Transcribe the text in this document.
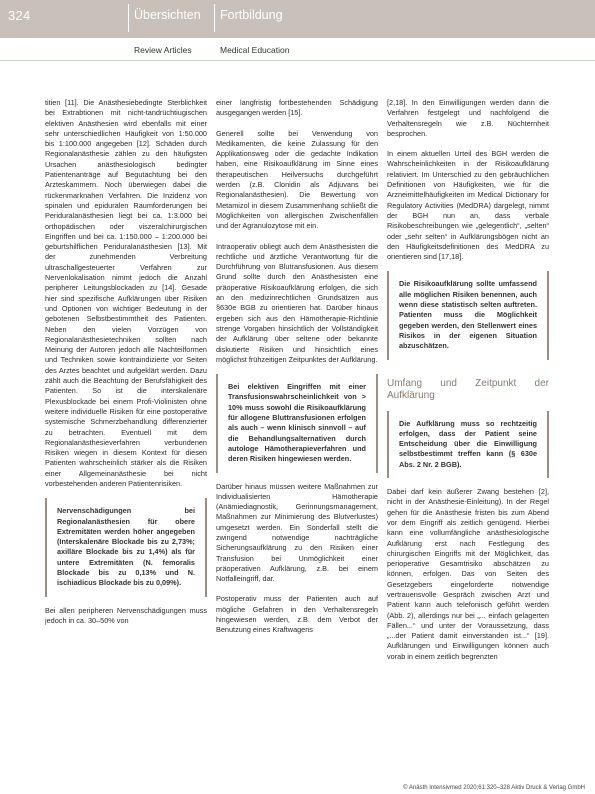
324	Übersichten Fortbildung
Review Articles	Medical Education

titien [11]. Die Anästhesiebedingte Sterblichkeit bei Extrabtionen mit nicht-tandrüchtiugischen elektiven Anästhesien wird ebenfalls mit einer sehr unterschiedlichen Häufigkeit von 1:50.000 bis 1:100.000 angegeben [12]. Schäden durch Regionalanästhesie zählen zu den häufigsten Ursachen anästhesiologisch bedingter Patientenanträge auf Begutachtung bei den Arzteskammern. Noch überwiegen dabei die rückenmarknahen Verfahren. Die Inzidenz von spinalen und epiduralen Raumforderungen bei Periduralanästhesien liegt bei ca. 1:3.000 bei orthopädischen oder viszeralchirurgischen Eingriffen und bei ca. 1:150.000 – 1:200.000 bei geburtshilflichen Periduralanästhesien [13]. Mit der zunehmenden Verbreitung ultraschallgesteuerter Verfahren zur Nervenlokalisation nimmt jedoch die Anzahl peripherer Leitungsblockaden zu [14]. Gesade hier sind spezifische Aufklärungen über Risiken und Optionen von wichtiger Bedeutung in der gebotenen Selbstbestimmtheit des Patienten. Neben den vielen Vorzügen von Regionalanästhesietechniken sollten nach Meinung der Autoren jedoch alle Nachteilformen und Techniken sowie kontraindizierte vor Seiten des Arztes beachtet und aufgeklärt werden. Dazu zählt auch die Beachtung der Berufsfähigkeit des Patienten. So ist die interskalenäre Plexusblockade bei einem Profi-Violinisten ohne weitere individuelle Risiken für eine postoperative systemische Schmerzbehandlung differenzierter zu betrachten. Eventuell mit dem Regionalanästhesieverfahren verbundenen Risiken wiegen in diesem Kontext für diesen Patienten wahrscheinlich stärker als die Risiken einer Allgemeinanästhesie bei nicht vorbestehenden anderen Patientenrisiken.

Nervenschädigungen bei Regionalanästhesien für obere Extremitäten werden höher angegeben (Interskalenäre Blockade bis zu 2,73%; axilläre Blockade bis zu 1,4%) als für untere Extremitäten (N. femoralis Blockade bis zu 0,13% und N. ischiadicus Blockade bis zu 0,09%).

Bei allen peripheren Nervenschädigungen muss jedoch in ca. 30–50% von

einer langfristig fortbestehenden Schädigung ausgegangen werden [15].

Generell sollte bei Verwendung von Medikamenten, die keine Zulassung für den Applikationsweg oder die gedachte Indikation haben, eine Risikoaufklärung im Sinne eines therapeutischen Heilversuchs durchgeführt werden (z.B. Clonidin als Adjuvans bei Regionalanästhesien). Die Bewertung von Metamizol in diesem Zusammenhang schließt die Möglichkeiten von allergischen Zwischenfällen und der Agranulozytose mit ein.

Intraoperativ obliegt auch dem Anästhesisten die rechtliche und ärztliche Verantwortung für die Durchführung von Blutransfusionen. Aus diesem Grund sollte durch den Anästhesisten eine präoperative Risikoaufklärung erfolgen, die sich an den medizinrechtlichen Grundsätzen aus §630e BGB zu orientieren hat. Darüber hinaus ergeben sich aus den Hämotherapie-Richtlinie strenge Vorgaben hinsichtlich der Vollständigkeit der Aufklärung über seltene oder bekannte diskutierte Risiken und hinsichtlich eines möglichst frühzeitigen Zeitpunktes der Aufklärung.

Bei elektiven Eingriffen mit einer Transfusionswahrscheinlichkeit von > 10% muss sowohl die Risikoaufklärung für allogene Bluttransfusionen erfolgen als auch – wenn klinisch sinnvoll – auf die Behandlungsalternativen durch autologe Hämotherapieverfahren und deren Risiken hingewiesen werden.

Darüber hinaus müssen weitere Maßnahmen zur Individualisierten Hämotherapie (Anämiediagnostik, Gerinnungsmanagement, Maßnahmen zur Minimierung des Blutverlustes) umgesetzt werden. Ein Sonderfall stellt die zwingend notwendige nachträgliche Sicherungsaufklärung zu den Risiken einer Transfusion bei Unmöglichkeit einer präoperativen Aufklärung, z.B. bei einem Notfalleingriff, dar.

Postoperativ muss der Patienten auch auf mögliche Gefahren in den Verhaltensregeln hingewiesen werden, z.B. dem Verbot der Benutzung eines Kraftwagens

[2,18]. In den Einwilligungen werden dann die Verfahren festgelegt und nachfolgend die Verhaltensregeln wie z.B. Nüchternheit besprochen.

In einem aktuellen Urteil des BGH werden die Wahrscheinlichkeiten in der Risikoaufklärung relativiert. Im Unterschied zu den gebräuchlichen Definitionen von Häufigkeiten, wie für die Arzneimittelhäufigkeiten im Medical Dictionary for Regulatory Activities (MedDRA) dargelegt, nimmt der BGH nun an, dass verbale Risikobeschreibungen wie „gelegentlich“, „selten“ oder „sehr selten“ in Aufklärungsbögen nicht an den Häufigkeitsdefinitionen des MedDRA zu orientieren sind [17,18].

Die Risikoaufklärung sollte umfassend alle möglichen Risiken benennen, auch wenn diese statistisch selten auftreten. Patienten muss die Möglichkeit gegeben werden, den Stellenwert eines Risikos in der eigenen Situation abzuschätzen.
Umfang und Zeitpunkt der Aufklärung
Die Aufklärung muss so rechtzeitig erfolgen, dass der Patient seine Entscheidung über die Einwilligung selbstbestimmt treffen kann (§ 630e Abs. 2 Nr. 2 BGB).

Dabei darf kein äußerer Zwang bestehen [2], nicht in der Anästhesie-Einleitung). In der Regel gehen für die Anästhesie fristen bis zum Abend vor dem Eingriff als zeitlich genügend. Hierbei kann eine vollumfängliche anästhesiologische Aufklärung erst nach Festlegung des chirurgischen Eingriffs mit der Möglichkeit, das perioperative Gesamtrisiko abschätzen zu können, erfolgen. Das von Seiten des Gesetzgebers eingeforderte notwendige vertrauensvolle Gespräch zwischen Arzt und Patient kann auch telefonisch geführt werden (Abb. 2), allerdings nur bei „... einfach gelagerten Fällen...“ und unter der Voraussetzung, dass „...der Patient damit einverstanden ist...“ [19]. Aufklärungen und Einwilligungen können auch vorab in einem zeitlich begrenzten

© Anästh Intensivmed 2020;61:320–328 Aktiv Druck & Verlag GmbH
